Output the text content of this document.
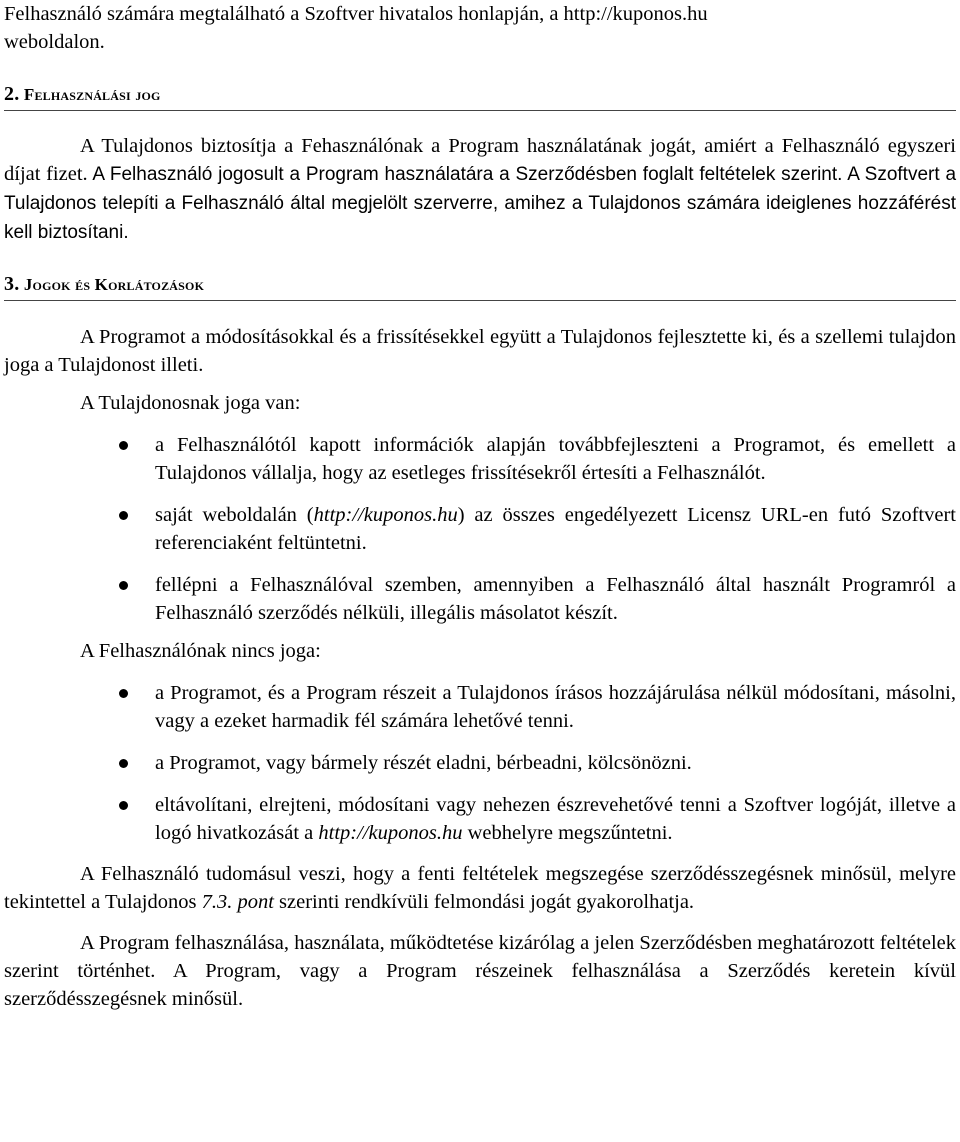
Felhasználó számára megtalálható a Szoftver hivatalos honlapján, a http://kuponos.hu
weboldalon.

2. Felhasználási jog

A Tulajdonos biztosítja a Fehasználónak a Program használatának jogát, amiért a Felhasználó egyszeri díjat fizet. A Felhasználó jogosult a Program használatára a Szerződésben foglalt feltételek szerint. A Szoftvert a Tulajdonos telepíti a Felhasználó által megjelölt szerverre, amihez a Tulajdonos számára ideiglenes hozzáférést kell biztosítani.

3. Jogok és Korlátozások

A Programot a módosításokkal és a frissítésekkel együtt a Tulajdonos fejlesztette ki, és a szellemi tulajdon joga a Tulajdonost illeti.

A Tulajdonosnak joga van:

a Felhasználótól kapott információk alapján továbbfejleszteni a Programot, és emellett a Tulajdonos vállalja, hogy az esetleges frissítésekről értesíti a Felhasználót.
saját weboldalán (http://kuponos.hu) az összes engedélyezett Licensz URL-en futó Szoftvert referenciaként feltüntetni.
fellépni a Felhasználóval szemben, amennyiben a Felhasználó által használt Programról a Felhasználó szerződés nélküli, illegális másolatot készít.

A Felhasználónak nincs joga:

a Programot, és a Program részeit a Tulajdonos írásos hozzájárulása nélkül módosítani, másolni, vagy a ezeket harmadik fél számára lehetővé tenni.
a Programot, vagy bármely részét eladni, bérbeadni, kölcsönözni.
eltávolítani, elrejteni, módosítani vagy nehezen észrevehetővé tenni a Szoftver logóját, illetve a logó hivatkozását a http://kuponos.hu webhelyre megszűntetni.

A Felhasználó tudomásul veszi, hogy a fenti feltételek megszegése szerződésszegésnek minősül, melyre tekintettel a Tulajdonos 7.3. pont szerinti rendkívüli felmondási jogát gyakorolhatja.

A Program felhasználása, használata, működtetése kizárólag a jelen Szerződésben meghatározott feltételek szerint történhet. A Program, vagy a Program részeinek felhasználása a Szerződés keretein kívül szerződésszegésnek minősül.
